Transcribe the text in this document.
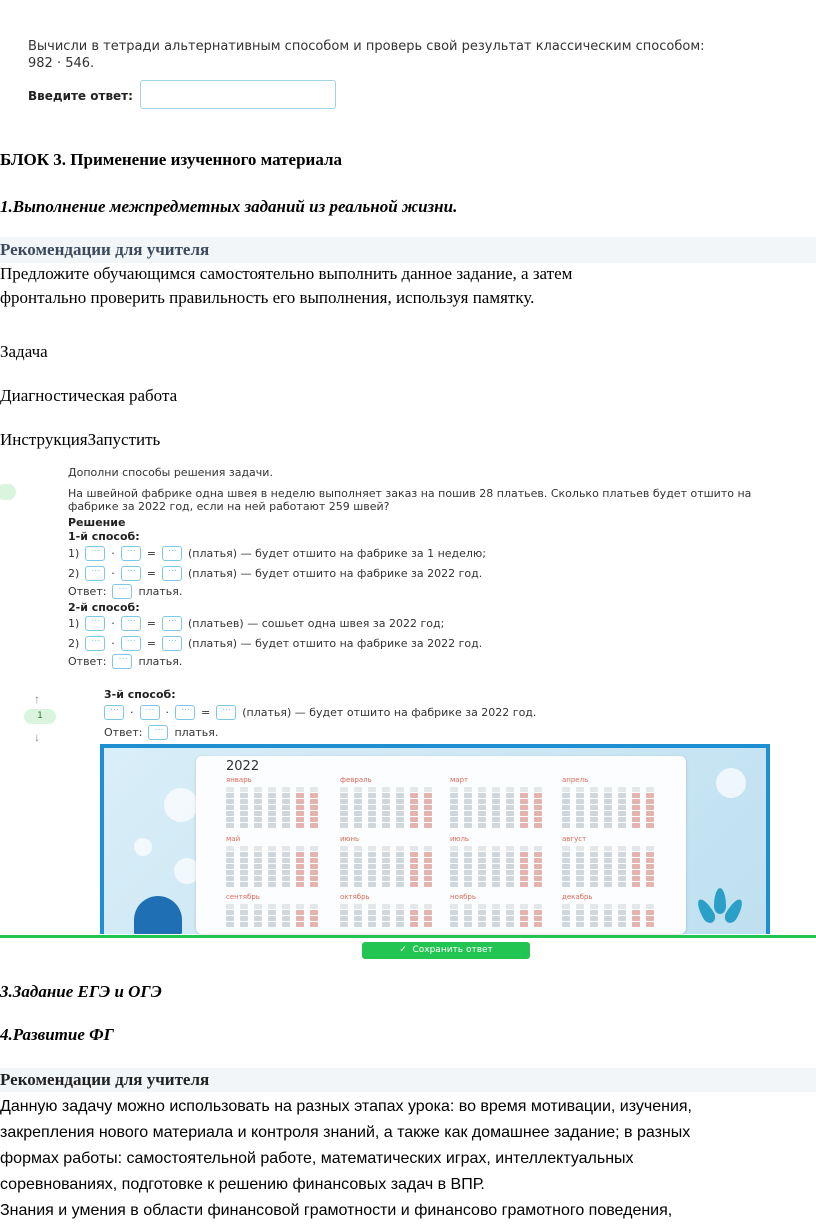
Вычисли в тетради альтернативным способом и проверь свой результат классическим способом:
982 · 546.
Введите ответ:
БЛОК 3. Применение изученного материала
1.Выполнение межпредметных заданий из реальной жизни.
Рекомендации для учителя
Предложите обучающимся самостоятельно выполнить данное задание, а затем
фронтально проверить правильность его выполнения, используя памятку.
Задача
Диагностическая работа
ИнструкцияЗапустить
Дополни способы решения задачи.
На швейной фабрике одна швея в неделю выполняет заказ на пошив 28 платьев. Сколько платьев будет отшито на
фабрике за 2022 год, если на ней работают 259 швей?
Решение
1-й способ:
1) …	· …	= …	(платья) — будет отшито на фабрике за 1 неделю;
2) …	· …	= …	(платья) — будет отшито на фабрике за 2022 год.
Ответ: …	платья.
2-й способ:
1) …	· …	= …	(платьев) — сошьет одна швея за 2022 год;
2) …	· …	= …	(платья) — будет отшито на фабрике за 2022 год.
Ответ: …	платья.
↑
1
↓
3-й способ:
…
· …	· …	= …	(платья) — будет отшито на фабрике за 2022 год.
Ответ: …	платья.
2022
январь	февраль	март	апрель
май	июнь	июль	август
сентябрь	октябрь	ноябрь	декабрь
✓ Сохранить ответ
3.Задание ЕГЭ и ОГЭ
4.Развитие ФГ
Рекомендации для учителя
Данную задачу можно использовать на разных этапах урока: во время мотивации, изучения,
закрепления нового материала и контроля знаний, а также как домашнее задание; в разных
формах работы: самостоятельной работе, математических играх, интеллектуальных
соревнованиях, подготовке к решению финансовых задач в ВПР.
Знания и умения в области финансовой грамотности и финансово грамотного поведения,
